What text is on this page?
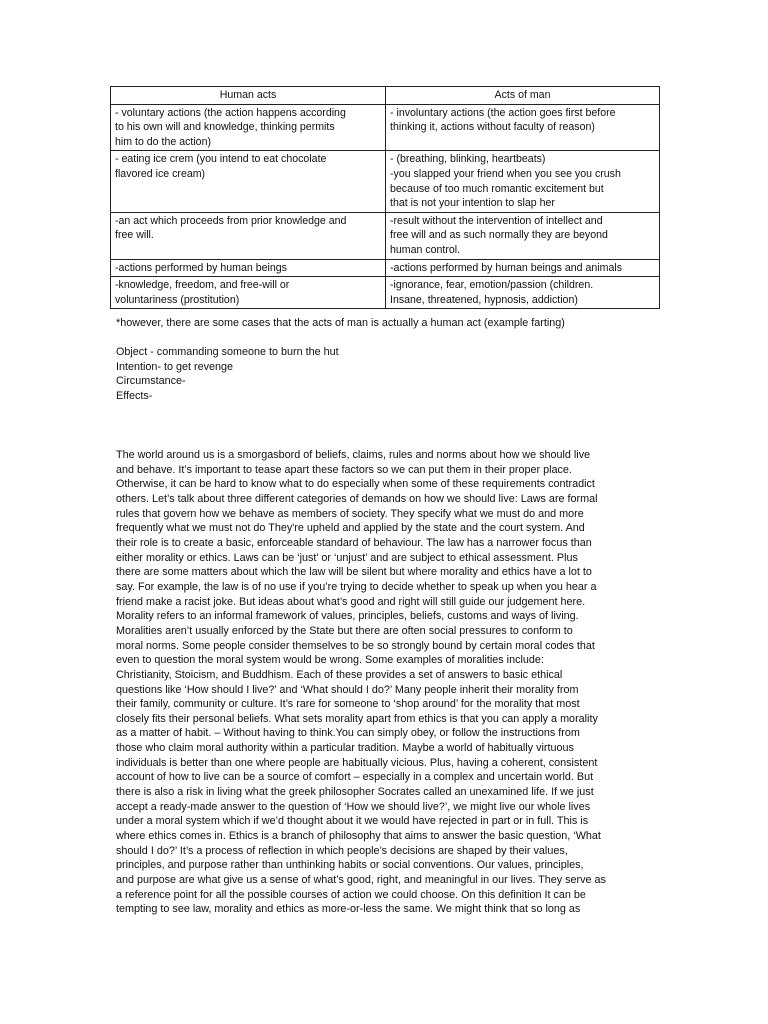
Human acts	Acts of man

- voluntary actions (the action happens according
to his own will and knowledge, thinking permits
him to do the action)	- involuntary actions (the action goes first before
thinking it, actions without faculty of reason)

- eating ice crem (you intend to eat chocolate
flavored ice cream)	- (breathing, blinking, heartbeats)
-you slapped your friend when you see you crush
because of too much romantic excitement but
that is not your intention to slap her

-an act which proceeds from prior knowledge and
free will.	-result without the intervention of intellect and
free will and as such normally they are beyond
human control.

-actions performed by human beings	-actions performed by human beings and animals

-knowledge, freedom, and free-will or
voluntariness (prostitution)	-ignorance, fear, emotion/passion (children.
Insane, threatened, hypnosis, addiction)
*however, there are some cases that the acts of man is actually a human act (example farting)
Object - commanding someone to burn the hut
Intention- to get revenge
Circumstance-
Effects-
The world around us is a smorgasbord of beliefs, claims, rules and norms about how we should live
and behave. It’s important to tease apart these factors so we can put them in their proper place.
Otherwise, it can be hard to know what to do especially when some of these requirements contradict
others. Let’s talk about three different categories of demands on how we should live: Laws are formal
rules that govern how we behave as members of society. They specify what we must do and more
frequently what we must not do They're upheld and applied by the state and the court system. And
their role is to create a basic, enforceable standard of behaviour. The law has a narrower focus than
either morality or ethics. Laws can be ‘just’ or ‘unjust’ and are subject to ethical assessment. Plus
there are some matters about which the law will be silent but where morality and ethics have a lot to
say. For example, the law is of no use if you’re trying to decide whether to speak up when you hear a
friend make a racist joke. But ideas about what’s good and right will still guide our judgement here.
Morality refers to an informal framework of values, principles, beliefs, customs and ways of living.
Moralities aren’t usually enforced by the State but there are often social pressures to conform to
moral norms. Some people consider themselves to be so strongly bound by certain moral codes that
even to question the moral system would be wrong. Some examples of moralities include:
Christianity, Stoicism, and Buddhism. Each of these provides a set of answers to basic ethical
questions like ‘How should I live?’ and ‘What should I do?’ Many people inherit their morality from
their family, community or culture. It’s rare for someone to ‘shop around’ for the morality that most
closely fits their personal beliefs. What sets morality apart from ethics is that you can apply a morality
as a matter of habit. – Without having to think.You can simply obey, or follow the instructions from
those who claim moral authority within a particular tradition. Maybe a world of habitually virtuous
individuals is better than one where people are habitually vicious. Plus, having a coherent, consistent
account of how to live can be a source of comfort – especially in a complex and uncertain world. But
there is also a risk in living what the greek philosopher Socrates called an unexamined life. If we just
accept a ready-made answer to the question of ‘How we should live?’, we might live our whole lives
under a moral system which if we’d thought about it we would have rejected in part or in full. This is
where ethics comes in. Ethics is a branch of philosophy that aims to answer the basic question, ‘What
should I do?’ It’s a process of reflection in which people’s decisions are shaped by their values,
principles, and purpose rather than unthinking habits or social conventions. Our values, principles,
and purpose are what give us a sense of what’s good, right, and meaningful in our lives. They serve as
a reference point for all the possible courses of action we could choose. On this definition It can be
tempting to see law, morality and ethics as more-or-less the same. We might think that so long as
